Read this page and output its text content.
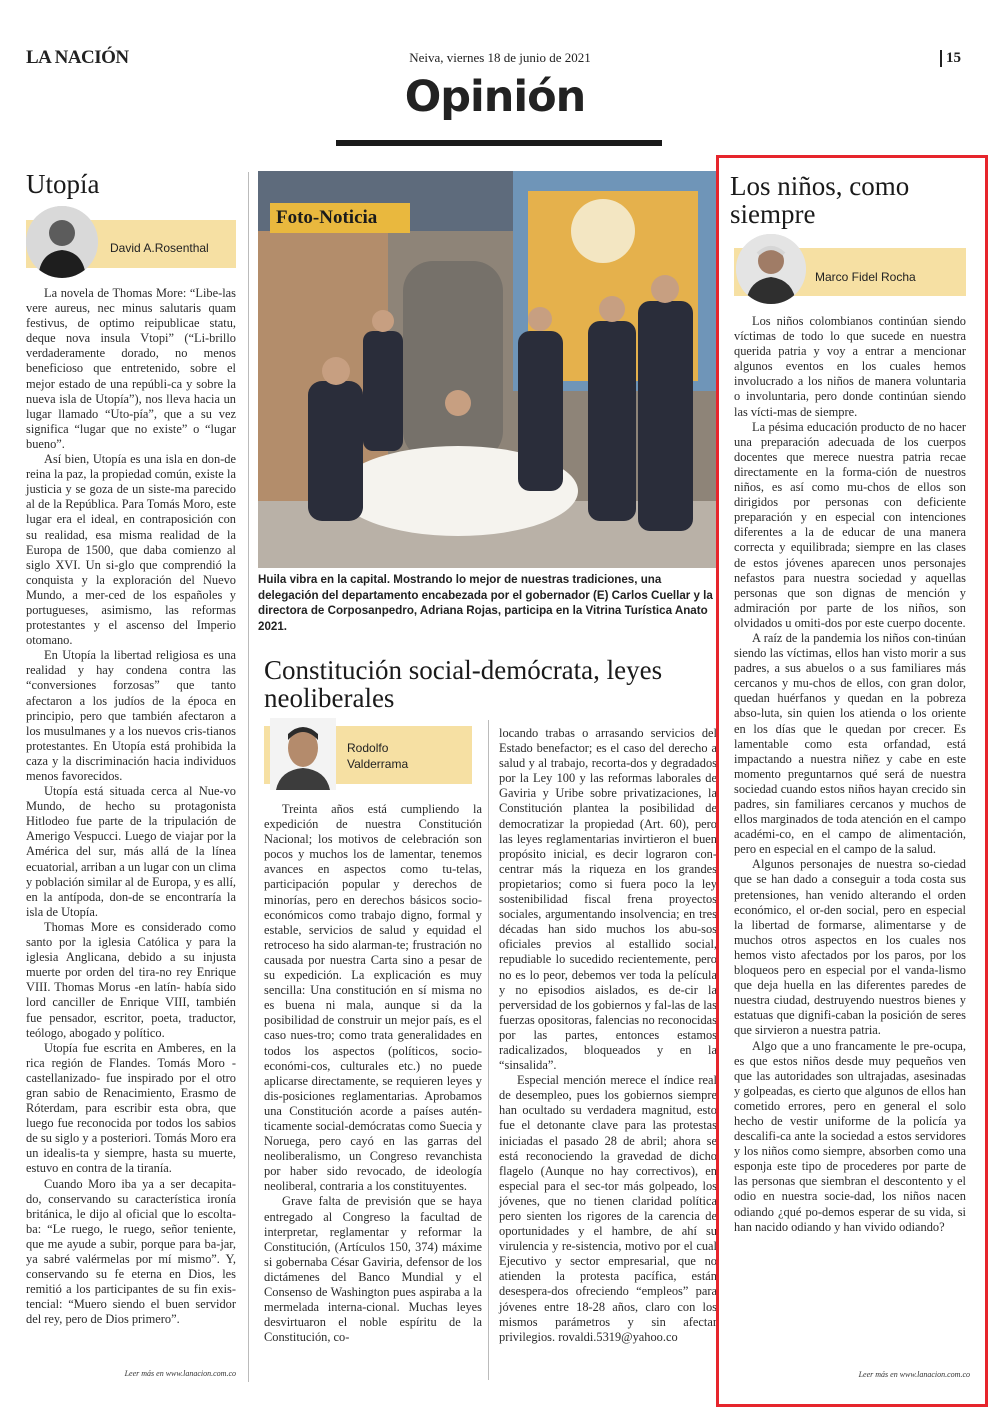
LA NACIÓN	Neiva, viernes 18 de junio de 2021	15
Opinión
Utopía
David A.Rosenthal

La novela de Thomas More: “Libe-las vere aureus, nec minus salutaris quam festivus, de optimo reipublicae statu, deque nova insula Vtopi” (“Li-brillo verdaderamente dorado, no menos beneficioso que entretenido, sobre el mejor estado de una repúbli-ca y sobre la nueva isla de Utopía”), nos lleva hacia un lugar llamado “Uto-pía”, que a su vez significa “lugar que no existe” o “lugar bueno”.

Así bien, Utopía es una isla en don-de reina la paz, la propiedad común, existe la justicia y se goza de un siste-ma parecido al de la República. Para Tomás Moro, este lugar era el ideal, en contraposición con su realidad, esa misma realidad de la Europa de 1500, que daba comienzo al siglo XVI. Un si-glo que comprendió la conquista y la exploración del Nuevo Mundo, a mer-ced de los españoles y portugueses, asimismo, las reformas protestantes y el ascenso del Imperio otomano.

En Utopía la libertad religiosa es una realidad y hay condena contra las “conversiones forzosas” que tanto afectaron a los judíos de la época en principio, pero que también afectaron a los musulmanes y a los nuevos cris-tianos protestantes. En Utopía está prohibida la caza y la discriminación hacia individuos menos favorecidos.

Utopía está situada cerca al Nue-vo Mundo, de hecho su protagonista Hitlodeo fue parte de la tripulación de Amerigo Vespucci. Luego de viajar por la América del sur, más allá de la línea ecuatorial, arriban a un lugar con un clima y población similar al de Europa, y es allí, en la antípoda, don-de se encontraría la isla de Utopía.

Thomas More es considerado como santo por la iglesia Católica y para la iglesia Anglicana, debido a su injusta muerte por orden del tira-no rey Enrique VIII. Thomas Morus -en latín- había sido lord canciller de Enrique VIII, también fue pensador, escritor, poeta, traductor, teólogo, abogado y político.

Utopía fue escrita en Amberes, en la rica región de Flandes. Tomás Moro -castellanizado- fue inspirado por el otro gran sabio de Renacimiento, Erasmo de Róterdam, para escribir esta obra, que luego fue reconocida por todos los sabios de su siglo y a posteriori. Tomás Moro era un idealis-ta y siempre, hasta su muerte, estuvo en contra de la tiranía.

Cuando Moro iba ya a ser decapita-do, conservando su característica ironía británica, le dijo al oficial que lo escolta-ba: “Le ruego, le ruego, señor teniente, que me ayude a subir, porque para ba-jar, ya sabré valérmelas por mí mismo”. Y, conservando su fe eterna en Dios, les remitió a los participantes de su fin exis-tencial: “Muero siendo el buen servidor del rey, pero de Dios primero”.

Leer más en www.lanacion.com.co
Foto-Noticia
Huila vibra en la capital. Mostrando lo mejor de nuestras tradiciones, una delegación del departamento encabezada por el gobernador (E) Carlos Cuellar y la directora de Corposanpedro, Adriana Rojas, participa en la Vitrina Turística Anato 2021.
Constitución social-demócrata, leyes neoliberales
Rodolfo
Valderrama

Treinta años está cumpliendo la expedición de nuestra Constitución Nacional; los motivos de celebración son pocos y muchos los de lamentar, tenemos avances en aspectos como tu-telas, participación popular y derechos de minorías, pero en derechos básicos socio-económicos como trabajo digno, formal y estable, servicios de salud y equidad el retroceso ha sido alarman-te; frustración no causada por nuestra Carta sino a pesar de su expedición. La explicación es muy sencilla: Una constitución en sí misma no es buena ni mala, aunque si da la posibilidad de construir un mejor país, es el caso nues-tro; como trata generalidades en todos los aspectos (políticos, socio-económi-cos, culturales etc.) no puede aplicarse directamente, se requieren leyes y dis-posiciones reglamentarias. Aprobamos una Constitución acorde a países autén-ticamente social-demócratas como Suecia y Noruega, pero cayó en las garras del neoliberalismo, un Congreso revanchista por haber sido revocado, de ideología neoliberal, contraria a los constituyentes.

Grave falta de previsión que se haya entregado al Congreso la facultad de interpretar, reglamentar y reformar la Constitución, (Artículos 150, 374) máxime si gobernaba César Gaviria, defensor de los dictámenes del Banco Mundial y el Consenso de Washington pues aspiraba a la mermelada interna-cional. Muchas leyes desvirtuaron el noble espíritu de la Constitución, co-

locando trabas o arrasando servicios del Estado benefactor; es el caso del derecho a salud y al trabajo, recorta-dos y degradados por la Ley 100 y las reformas laborales de Gaviria y Uribe sobre privatizaciones, la Constitución plantea la posibilidad de democratizar la propiedad (Art. 60), pero las leyes reglamentarias invirtieron el buen propósito inicial, es decir lograron con-centrar más la riqueza en los grandes propietarios; como si fuera poco la ley sostenibilidad fiscal frena proyectos sociales, argumentando insolvencia; en tres décadas han sido muchos los abu-sos oficiales previos al estallido social, repudiable lo sucedido recientemente, pero no es lo peor, debemos ver toda la película y no episodios aislados, es de-cir la perversidad de los gobiernos y fal-las de las fuerzas opositoras, falencias no reconocidas por las partes, entonces estamos radicalizados, bloqueados y en la “sinsalida”.

Especial mención merece el índice real de desempleo, pues los gobiernos siempre han ocultado su verdadera magnitud, esto fue el detonante clave para las protestas iniciadas el pasado 28 de abril; ahora se está reconociendo la gravedad de dicho flagelo (Aunque no hay correctivos), en especial para el sec-tor más golpeado, los jóvenes, que no tienen claridad política pero sienten los rigores de la carencia de oportunidades y el hambre, de ahí su virulencia y re-sistencia, motivo por el cual Ejecutivo y sector empresarial, que no atienden la protesta pacífica, están desespera-dos ofreciendo “empleos” para jóvenes entre 18-28 años, claro con los mismos parámetros y sin afectar privilegios. rovaldi.5319@yahoo.co

Los niños, como siempre
Marco Fidel Rocha

Los niños colombianos continúan siendo víctimas de todo lo que sucede en nuestra querida patria y voy a entrar a mencionar algunos eventos en los cuales hemos involucrado a los niños de manera voluntaria o involuntaria, pero donde continúan siendo las vícti-mas de siempre.

La pésima educación producto de no hacer una preparación adecuada de los cuerpos docentes que merece nuestra patria recae directamente en la forma-ción de nuestros niños, es así como mu-chos de ellos son dirigidos por personas con deficiente preparación y en especial con intenciones diferentes a la de educar de una manera correcta y equilibrada; siempre en las clases de estos jóvenes aparecen unos personajes nefastos para nuestra sociedad y aquellas personas que son dignas de mención y admiración por parte de los niños, son olvidados u omiti-dos por este cuerpo docente.

A raíz de la pandemia los niños con-tinúan siendo las víctimas, ellos han visto morir a sus padres, a sus abuelos o a sus familiares más cercanos y mu-chos de ellos, con gran dolor, quedan huérfanos y quedan en la pobreza abso-luta, sin quien los atienda o los oriente en los días que le quedan por crecer. Es lamentable como esta orfandad, está impactando a nuestra niñez y cabe en este momento preguntarnos qué será de nuestra sociedad cuando estos niños hayan crecido sin padres, sin familiares cercanos y muchos de ellos marginados de toda atención en el campo académi-co, en el campo de alimentación, pero en especial en el campo de la salud.

Algunos personajes de nuestra so-ciedad que se han dado a conseguir a toda costa sus pretensiones, han venido alterando el orden económico, el or-den social, pero en especial la libertad de formarse, alimentarse y de muchos otros aspectos en los cuales nos hemos visto afectados por los paros, por los bloqueos pero en especial por el vanda-lismo que deja huella en las diferentes paredes de nuestra ciudad, destruyendo nuestros bienes y estatuas que dignifi-caban la posición de seres que sirvieron a nuestra patria.

Algo que a uno francamente le pre-ocupa, es que estos niños desde muy pequeños ven que las autoridades son ultrajadas, asesinadas y golpeadas, es cierto que algunos de ellos han cometido errores, pero en general el solo hecho de vestir uniforme de la policía ya descalifi-ca ante la sociedad a estos servidores y los niños como siempre, absorben como una esponja este tipo de procederes por parte de las personas que siembran el descontento y el odio en nuestra socie-dad, los niños nacen odiando ¿qué po-demos esperar de su vida, si han nacido odiando y han vivido odiando?

Leer más en www.lanacion.com.co
